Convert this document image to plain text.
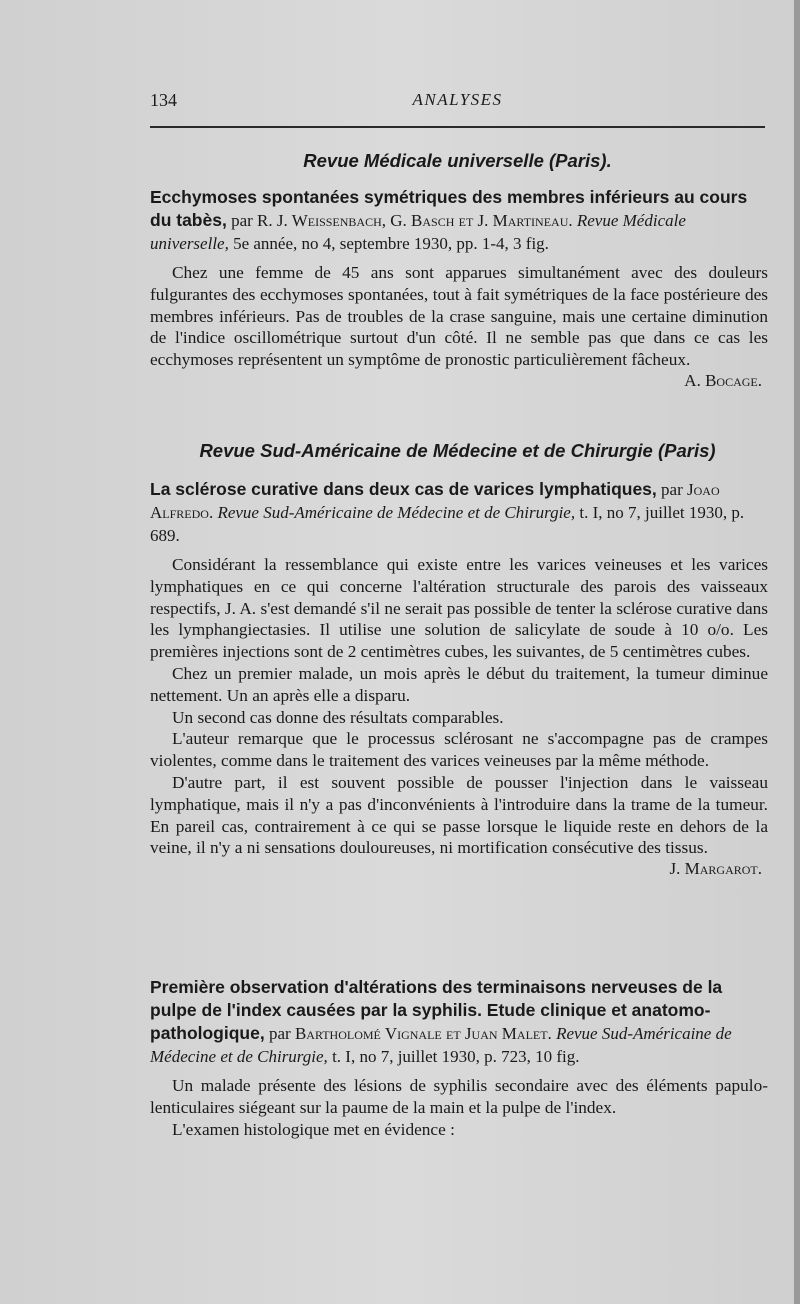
134	ANALYSES
Revue Médicale universelle (Paris).
Ecchymoses spontanées symétriques des membres inférieurs au cours du tabès, par R. J. Weissenbach, G. Basch et J. Martineau. Revue Médicale universelle, 5e année, no 4, septembre 1930, pp. 1-4, 3 fig.

Chez une femme de 45 ans sont apparues simultanément avec des douleurs fulgurantes des ecchymoses spontanées, tout à fait symétriques de la face postérieure des membres inférieurs. Pas de troubles de la crase sanguine, mais une certaine diminution de l'indice oscillométrique surtout d'un côté. Il ne semble pas que dans ce cas les ecchymoses représentent un symptôme de pronostic particulièrement fâcheux.

A. Bocage.
Revue Sud-Américaine de Médecine et de Chirurgie (Paris)
La sclérose curative dans deux cas de varices lymphatiques, par Joao Alfredo. Revue Sud-Américaine de Médecine et de Chirurgie, t. I, no 7, juillet 1930, p. 689.

Considérant la ressemblance qui existe entre les varices veineuses et les varices lymphatiques en ce qui concerne l'altération structurale des parois des vaisseaux respectifs, J. A. s'est demandé s'il ne serait pas possible de tenter la sclérose curative dans les lymphangiectasies. Il utilise une solution de salicylate de soude à 10 o/o. Les premières injections sont de 2 centimètres cubes, les suivantes, de 5 centimètres cubes.

Chez un premier malade, un mois après le début du traitement, la tumeur diminue nettement. Un an après elle a disparu.

Un second cas donne des résultats comparables.

L'auteur remarque que le processus sclérosant ne s'accompagne pas de crampes violentes, comme dans le traitement des varices veineuses par la même méthode.

D'autre part, il est souvent possible de pousser l'injection dans le vaisseau lymphatique, mais il n'y a pas d'inconvénients à l'introduire dans la trame de la tumeur. En pareil cas, contrairement à ce qui se passe lorsque le liquide reste en dehors de la veine, il n'y a ni sensations douloureuses, ni mortification consécutive des tissus.

J. Margarot.
Première observation d'altérations des terminaisons nerveuses de la pulpe de l'index causées par la syphilis. Etude clinique et anatomo-pathologique, par Bartholomé Vignale et Juan Malet. Revue Sud-Américaine de Médecine et de Chirurgie, t. I, no 7, juillet 1930, p. 723, 10 fig.

Un malade présente des lésions de syphilis secondaire avec des éléments papulo-lenticulaires siégeant sur la paume de la main et la pulpe de l'index.

L'examen histologique met en évidence :
